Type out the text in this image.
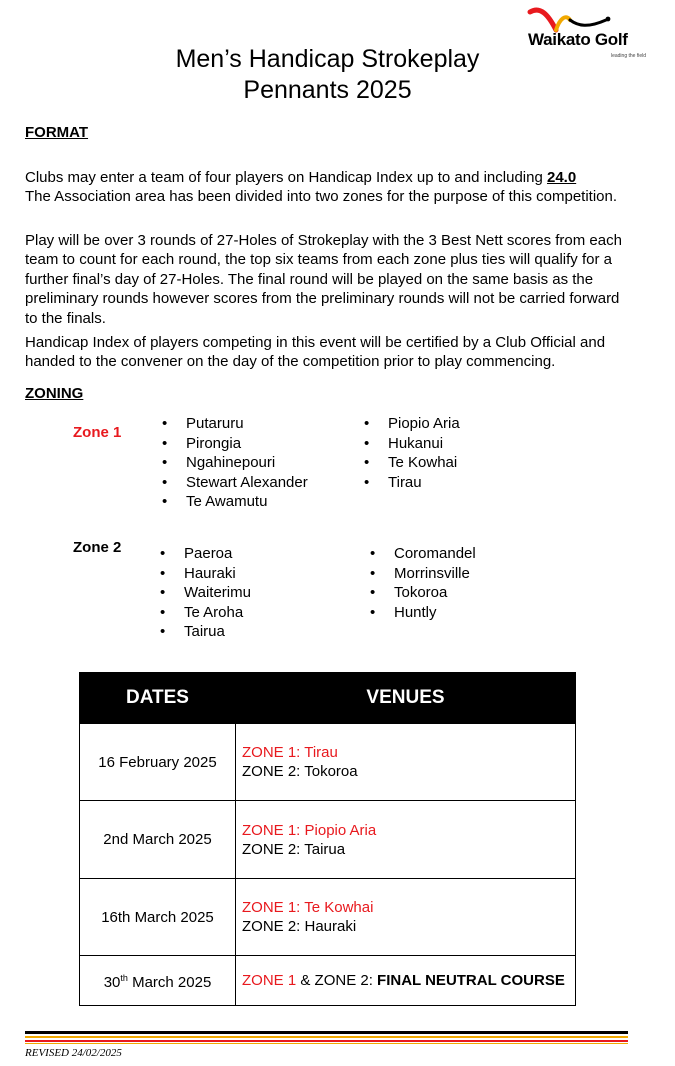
Waikato Golf
leading the field
Men’s Handicap Strokeplay
Pennants 2025
FORMAT

Clubs may enter a team of four players on Handicap Index up to and including 24.0
The Association area has been divided into two zones for the purpose of this competition.

Play will be over 3 rounds of 27-Holes of Strokeplay with the 3 Best Nett scores from each team to count for each round, the top six teams from each zone plus ties will qualify for a further final’s day of 27-Holes. The final round will be played on the same basis as the preliminary rounds however scores from the preliminary rounds will not be carried forward to the finals.

Handicap Index of players competing in this event will be certified by a Club Official and handed to the convener on the day of the competition prior to play commencing.

ZONING
Zone 1
• Putaruru
• Pirongia
• Ngahinepouri
• Stewart Alexander
• Te Awamutu
• Piopio Aria
• Hukanui
• Te Kowhai
• Tirau
Zone 2	• Paeroa
• Hauraki
• Waiterimu
• Te Aroha
• Tairua
• Coromandel
• Morrinsville
• Tokoroa
• Huntly
DATES	VENUES
16 February 2025	ZONE 1: Tirau
ZONE 2: Tokoroa

2nd March 2025	ZONE 1: Piopio Aria
ZONE 2: Tairua

16th March 2025	ZONE 1: Te Kowhai
ZONE 2: Hauraki

30th March 2025	ZONE 1 & ZONE 2: FINAL NEUTRAL COURSE
REVISED 24/02/2025
